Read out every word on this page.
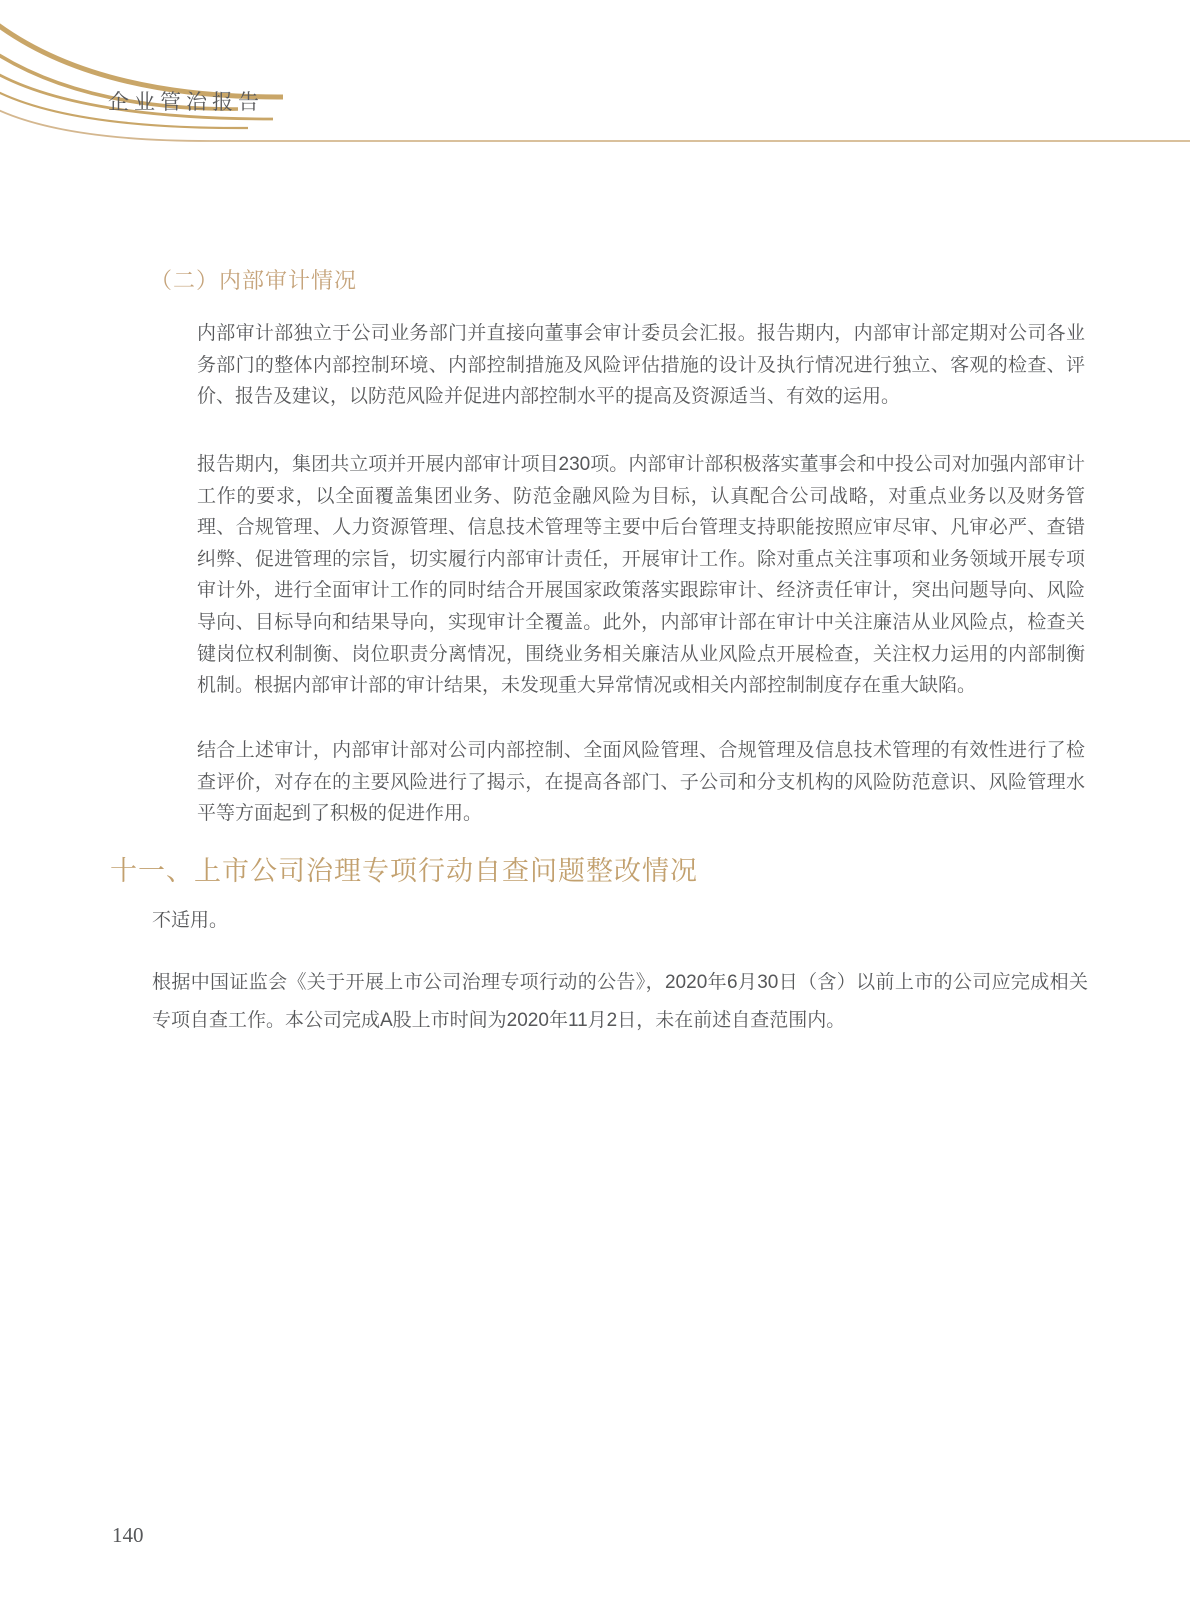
企业管治报告
（二）内部审计情况

内部审计部独立于公司业务部门并直接向董事会审计委员会汇报。报告期内，内部审计部定期对公司各业务部门的整体内部控制环境、内部控制措施及风险评估措施的设计及执行情况进行独立、客观的检查、评价、报告及建议，以防范风险并促进内部控制水平的提高及资源适当、有效的运用。

报告期内，集团共立项并开展内部审计项目230项。内部审计部积极落实董事会和中投公司对加强内部审计工作的要求，以全面覆盖集团业务、防范金融风险为目标，认真配合公司战略，对重点业务以及财务管理、合规管理、人力资源管理、信息技术管理等主要中后台管理支持职能按照应审尽审、凡审必严、查错纠弊、促进管理的宗旨，切实履行内部审计责任，开展审计工作。除对重点关注事项和业务领域开展专项审计外，进行全面审计工作的同时结合开展国家政策落实跟踪审计、经济责任审计，突出问题导向、风险导向、目标导向和结果导向，实现审计全覆盖。此外，内部审计部在审计中关注廉洁从业风险点，检查关键岗位权利制衡、岗位职责分离情况，围绕业务相关廉洁从业风险点开展检查，关注权力运用的内部制衡机制。根据内部审计部的审计结果，未发现重大异常情况或相关内部控制制度存在重大缺陷。

结合上述审计，内部审计部对公司内部控制、全面风险管理、合规管理及信息技术管理的有效性进行了检查评价，对存在的主要风险进行了揭示，在提高各部门、子公司和分支机构的风险防范意识、风险管理水平等方面起到了积极的促进作用。

十一、上市公司治理专项行动自查问题整改情况

不适用。

根据中国证监会《关于开展上市公司治理专项行动的公告》，2020年6月30日（含）以前上市的公司应完成相关专项自查工作。本公司完成A股上市时间为2020年11月2日，未在前述自查范围内。

140
